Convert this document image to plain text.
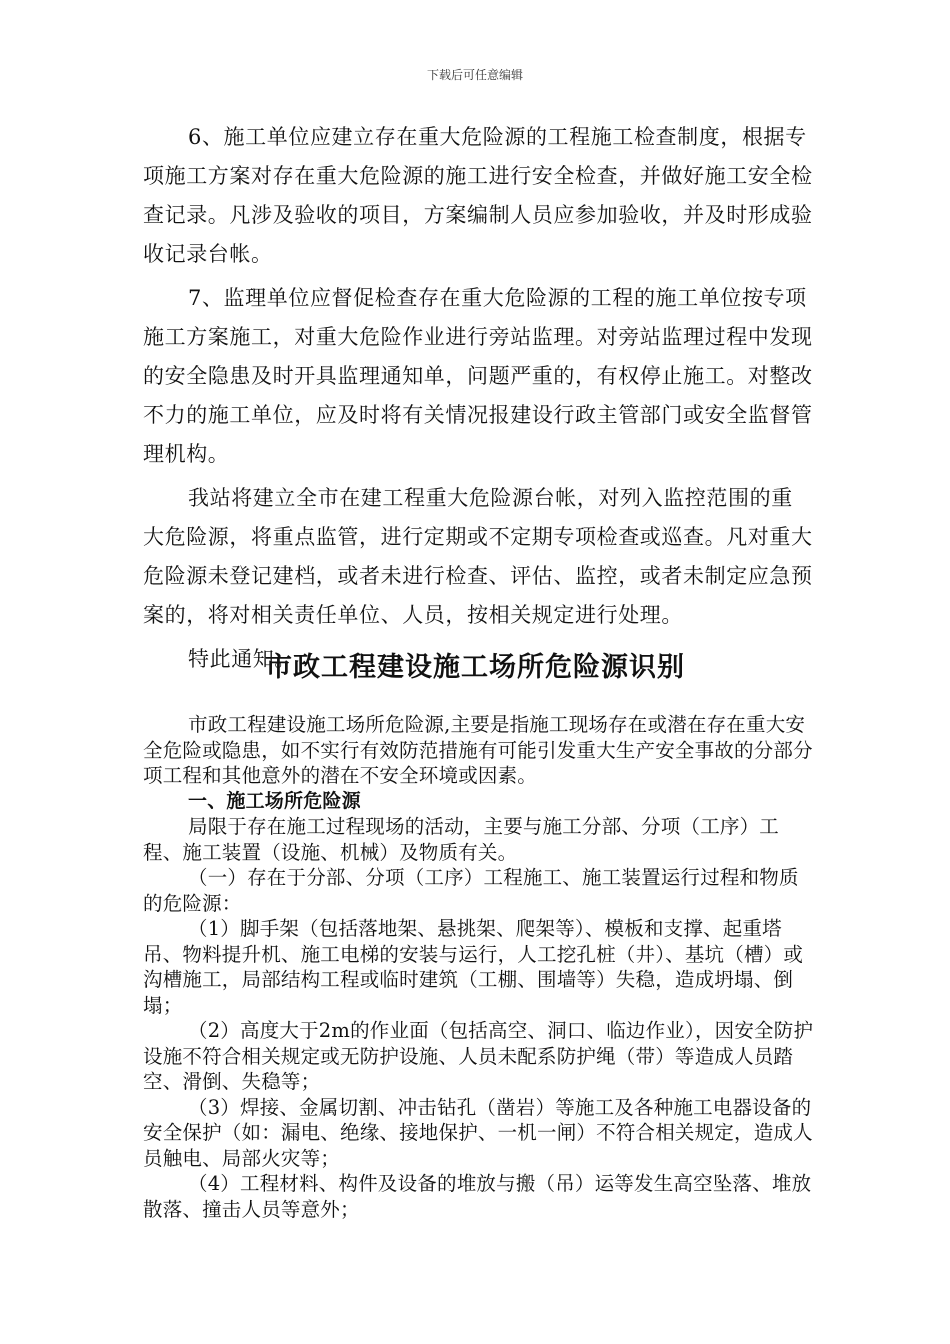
下载后可任意编辑

6、施工单位应建立存在重大危险源的工程施工检查制度，根据专项施工方案对存在重大危险源的施工进行安全检查，并做好施工安全检查记录。凡涉及验收的项目，方案编制人员应参加验收，并及时形成验收记录台帐。

7、监理单位应督促检查存在重大危险源的工程的施工单位按专项施工方案施工，对重大危险作业进行旁站监理。对旁站监理过程中发现的安全隐患及时开具监理通知单，问题严重的，有权停止施工。对整改不力的施工单位，应及时将有关情况报建设行政主管部门或安全监督管理机构。

我站将建立全市在建工程重大危险源台帐，对列入监控范围的重大危险源，将重点监管，进行定期或不定期专项检查或巡查。凡对重大危险源未登记建档，或者未进行检查、评估、监控，或者未制定应急预案的，将对相关责任单位、人员，按相关规定进行处理。

特此通知。

市政工程建设施工场所危险源识别

市政工程建设施工场所危险源,主要是指施工现场存在或潜在存在重大安全危险或隐患，如不实行有效防范措施有可能引发重大生产安全事故的分部分项工程和其他意外的潜在不安全环境或因素。

一、施工场所危险源

局限于存在施工过程现场的活动，主要与施工分部、分项（工序）工程、施工装置（设施、机械）及物质有关。

（一）存在于分部、分项（工序）工程施工、施工装置运行过程和物质的危险源：

（1）脚手架（包括落地架、悬挑架、爬架等）、模板和支撑、起重塔吊、物料提升机、施工电梯的安装与运行，人工挖孔桩（井）、基坑（槽）或沟槽施工，局部结构工程或临时建筑（工棚、围墙等）失稳，造成坍塌、倒塌；

（2）高度大于2m的作业面（包括高空、洞口、临边作业），因安全防护设施不符合相关规定或无防护设施、人员未配系防护绳（带）等造成人员踏空、滑倒、失稳等；

（3）焊接、金属切割、冲击钻孔（凿岩）等施工及各种施工电器设备的安全保护（如：漏电、绝缘、接地保护、一机一闸）不符合相关规定，造成人员触电、局部火灾等；

（4）工程材料、构件及设备的堆放与搬（吊）运等发生高空坠落、堆放散落、撞击人员等意外；
